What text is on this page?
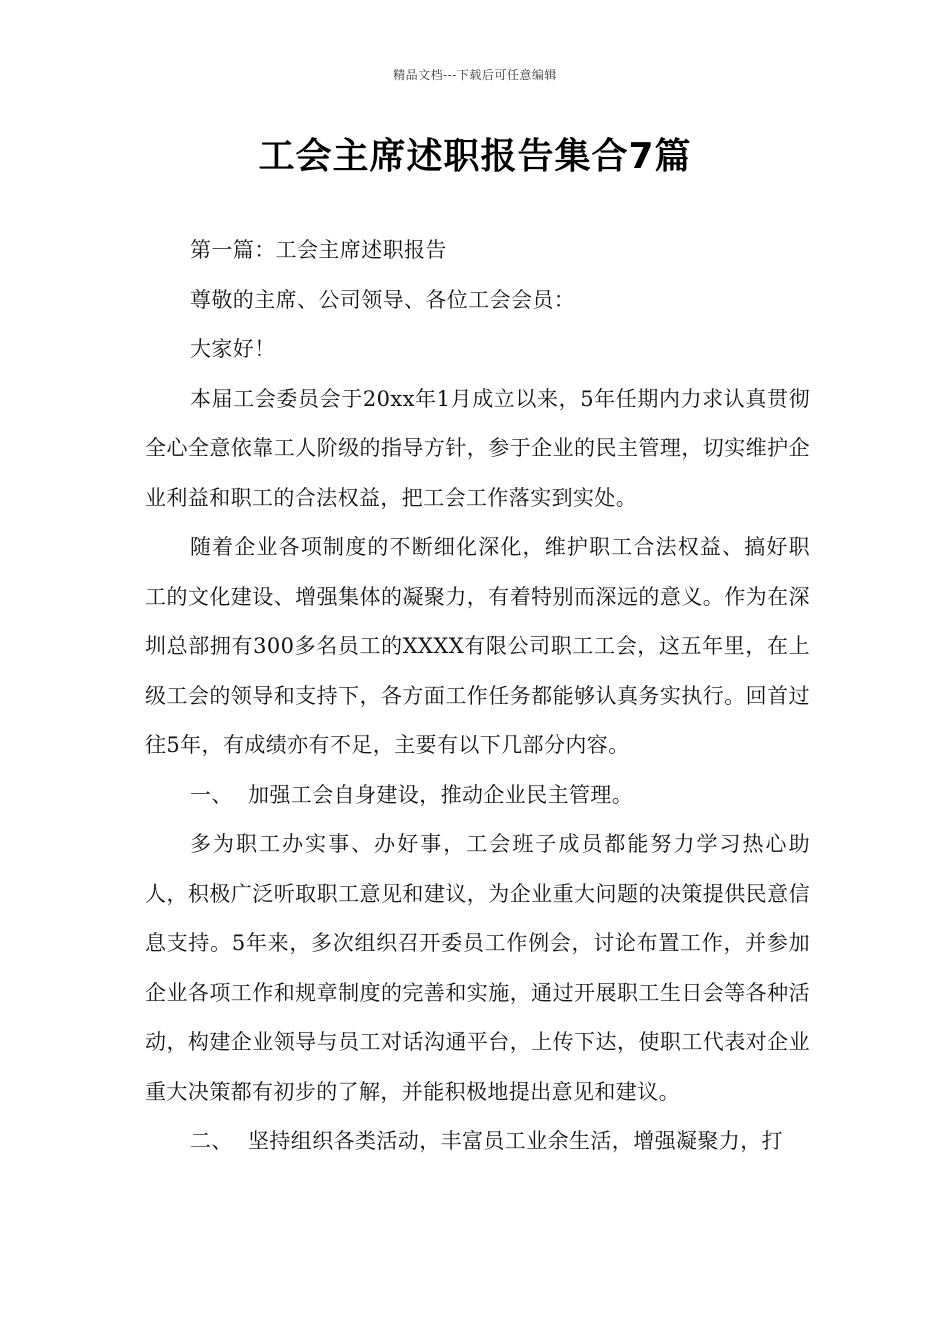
精品文档---下载后可任意编辑
工会主席述职报告集合7篇

第一篇：工会主席述职报告

尊敬的主席、公司领导、各位工会会员：

大家好！

本届工会委员会于20xx年1月成立以来，5年任期内力求认真贯彻全心全意依靠工人阶级的指导方针，参于企业的民主管理，切实维护企业利益和职工的合法权益，把工会工作落实到实处。

随着企业各项制度的不断细化深化，维护职工合法权益、搞好职工的文化建设、增强集体的凝聚力，有着特别而深远的意义。作为在深圳总部拥有300多名员工的XXXX有限公司职工工会，这五年里，在上级工会的领导和支持下，各方面工作任务都能够认真务实执行。回首过往5年，有成绩亦有不足，主要有以下几部分内容。

一、 加强工会自身建设，推动企业民主管理。

多为职工办实事、办好事，工会班子成员都能努力学习热心助人，积极广泛听取职工意见和建议，为企业重大问题的决策提供民意信息支持。5年来，多次组织召开委员工作例会，讨论布置工作，并参加企业各项工作和规章制度的完善和实施，通过开展职工生日会等各种活动，构建企业领导与员工对话沟通平台，上传下达，使职工代表对企业重大决策都有初步的了解，并能积极地提出意见和建议。

二、 坚持组织各类活动，丰富员工业余生活，增强凝聚力，打
